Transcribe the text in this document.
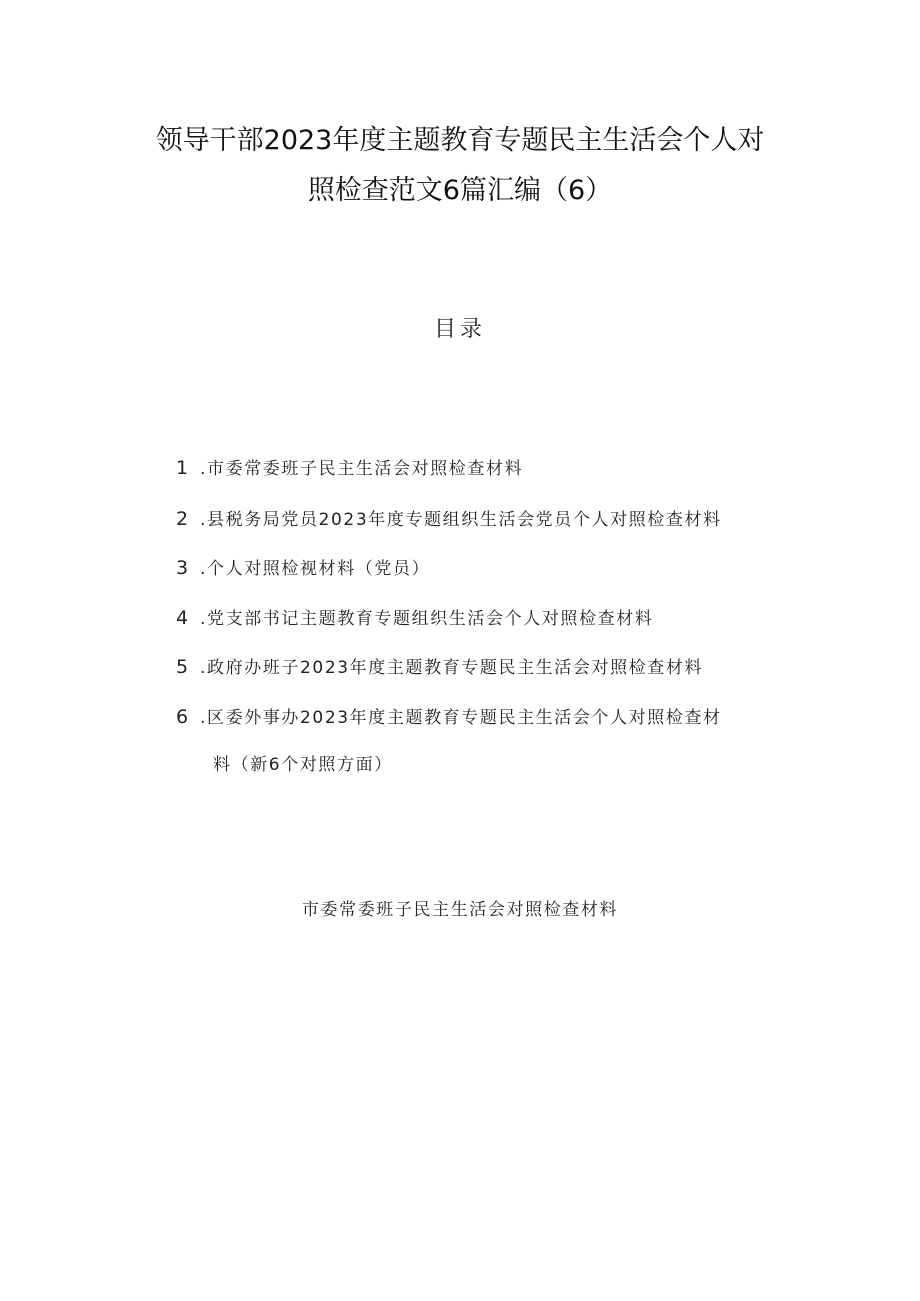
领导干部2023年度主题教育专题民主生活会个人对
照检查范文6篇汇编（6）
目录
1 .市委常委班子民主生活会对照检查材料
2 .县税务局党员2023年度专题组织生活会党员个人对照检查材料
3 .个人对照检视材料（党员）
4 .党支部书记主题教育专题组织生活会个人对照检查材料
5 .政府办班子2023年度主题教育专题民主生活会对照检查材料
6 .区委外事办2023年度主题教育专题民主生活会个人对照检查材
料（新6个对照方面）
市委常委班子民主生活会对照检查材料
